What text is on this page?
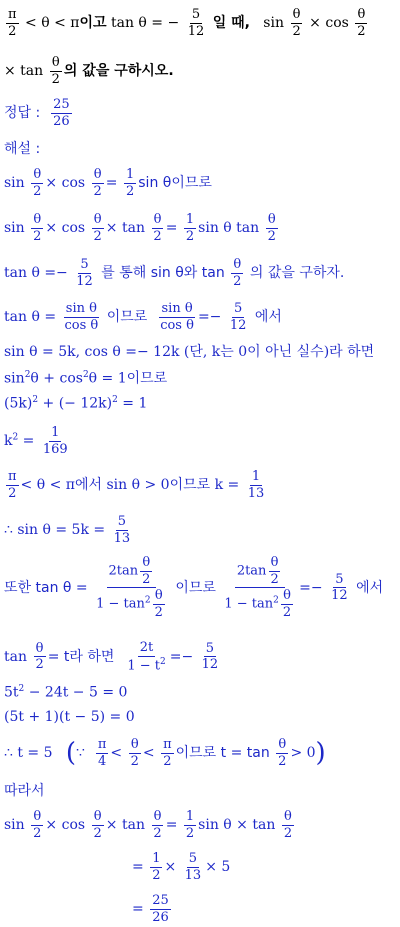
$\frac{\pi}{2} < \theta < \pi$이고 tan θ = − $\frac{5}{12}$ 일 때, $\sin \frac{\theta}{2} \times \cos \frac{\theta}{2}$
× $\tan \frac{\theta}{2}$ 의 값을 구하시오.
정답 : $\frac{25}{26}$
해설 :
$\sin \frac{\theta}{2} \times \cos \frac{\theta}{2} = \frac{1}{2}$ sin θ이므로
$\sin \frac{\theta}{2} \times \cos \frac{\theta}{2} \times \tan \frac{\theta}{2} = \frac{1}{2}$ sin θ $\tan \frac{\theta}{2}$
$\tan \theta =- \frac{5}{12}$ 를 통해 sin θ와 $\tan \frac{\theta}{2}$ 의 값을 구하자.
$\tan \theta = \frac{\text{sin θ}}{\text{cos θ}}$ 이므로 $\frac{\text{sin θ}}{\text{cos θ}} =- \frac{5}{12}$ 에서
sin θ = 5k, cos θ =− 12k (단, k는 0이 아닌 실수)라 하면
$\sin^2\theta + \cos^2\theta = 1$이므로
$(5k)^2$ + (− 12k)$^2$ = 1
$k^2 = \frac{1}{169}$
$\frac{\pi}{2} < \theta < \pi$에서 sin θ > 0이므로 $k = \frac{1}{13}$
∴ $\sin \theta = 5k = \frac{5}{13}$
또한 $\tan \theta = \frac{2\tan \frac{\theta}{2}}{1 - \tan^2 \frac{\theta}{2}}$ 이므로 $\frac{2\tan \frac{\theta}{2}}{1 - \tan^2 \frac{\theta}{2}} =- \frac{5}{12}$ 에서
$\tan \frac{\theta}{2} = t$라 하면 $\frac{2t}{1 - t^2} =- \frac{5}{12}$
$5t^2 - 24t - 5 = 0$
(5t + 1)(t − 5) = 0
∴ t = 5 (∵ $\frac{\pi}{4} < \frac{\theta}{2} < \frac{\pi}{2}$ 이므로 $t = \tan \frac{\theta}{2} > 0$)
따라서
$\sin \frac{\theta}{2} \times \cos \frac{\theta}{2} \times \tan \frac{\theta}{2} = \frac{1}{2}$ $\sin \theta \times \tan \frac{\theta}{2}$
= $\frac{1}{2} \times \frac{5}{13} \times 5$
= $\frac{25}{26}$
